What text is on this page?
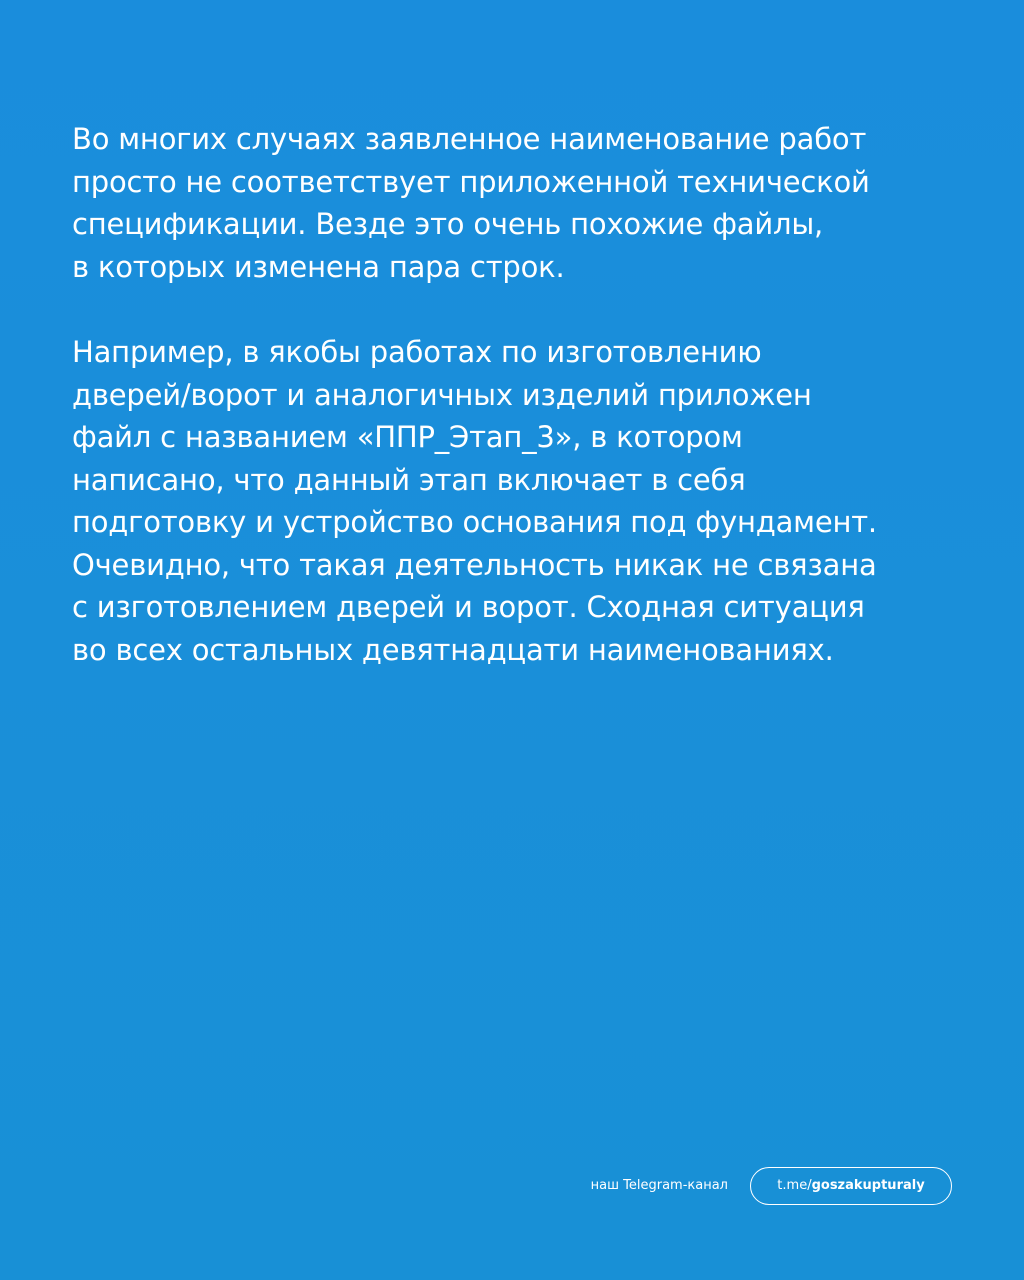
Во многих случаях заявленное наименование работ
просто не соответствует приложенной технической
спецификации. Везде это очень похожие файлы,
в которых изменена пара строк.

Например, в якобы работах по изготовлению
дверей/ворот и аналогичных изделий приложен
файл с названием «ППР_Этап_3», в котором
написано, что данный этап включает в себя
подготовку и устройство основания под фундамент.
Очевидно, что такая деятельность никак не связана
с изготовлением дверей и ворот. Сходная ситуация
во всех остальных девятнадцати наименованиях.

наш Telegram-канал	t.me/goszakupturaly
